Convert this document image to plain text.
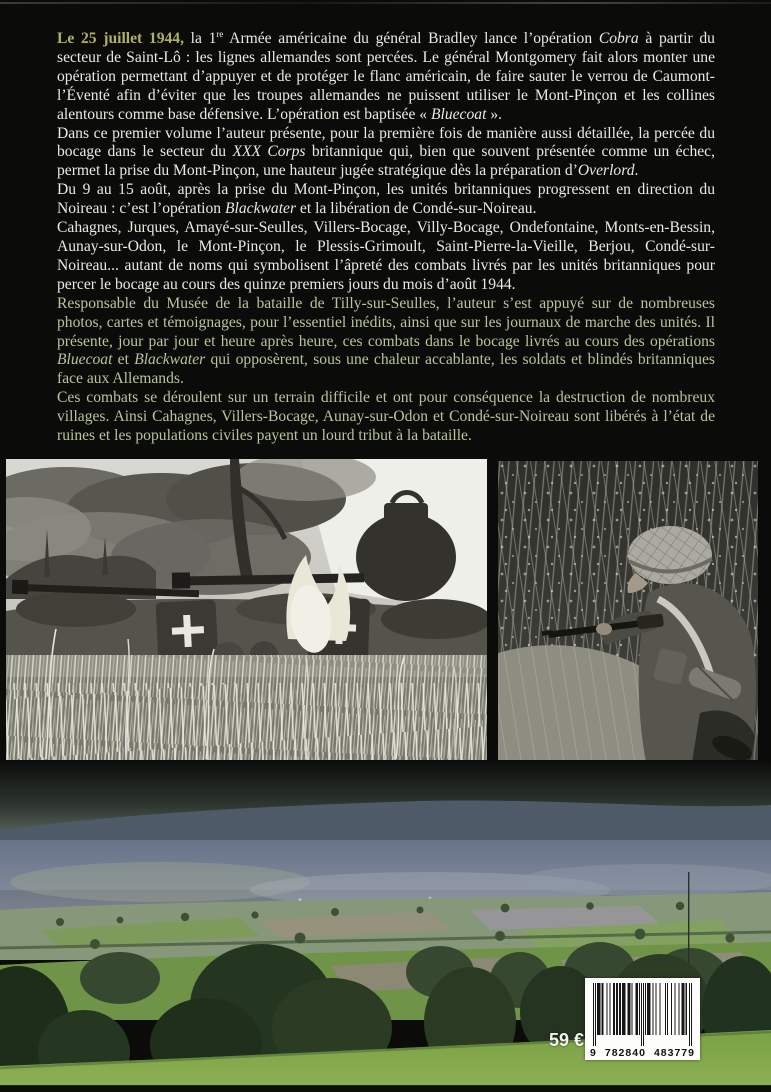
Le 25 juillet 1944, la 1re Armée américaine du général Bradley lance l’opération Cobra à partir du secteur de Saint-Lô : les lignes allemandes sont percées. Le général Montgomery fait alors monter une opération permettant d’appuyer et de protéger le flanc américain, de faire sauter le verrou de Caumont-l’Éventé afin d’éviter que les troupes allemandes ne puissent utiliser le Mont-Pinçon et les collines alentours comme base défensive. L’opération est baptisée « Bluecoat ».

Dans ce premier volume l’auteur présente, pour la première fois de manière aussi détaillée, la percée du bocage dans le secteur du XXX Corps britannique qui, bien que souvent présentée comme un échec, permet la prise du Mont-Pinçon, une hauteur jugée stratégique dès la préparation d’Overlord.

Du 9 au 15 août, après la prise du Mont-Pinçon, les unités britanniques progressent en direction du Noireau : c’est l’opération Blackwater et la libération de Condé-sur-Noireau.

Cahagnes, Jurques, Amayé-sur-Seulles, Villers-Bocage, Villy-Bocage, Ondefontaine, Monts-en-Bessin, Aunay-sur-Odon, le Mont-Pinçon, le Plessis-Grimoult, Saint-Pierre-la-Vieille, Berjou, Condé-sur-Noireau... autant de noms qui symbolisent l’âpreté des combats livrés par les unités britanniques pour percer le bocage au cours des quinze premiers jours du mois d’août 1944.

Responsable du Musée de la bataille de Tilly-sur-Seulles, l’auteur s’est appuyé sur de nombreuses photos, cartes et témoignages, pour l’essentiel inédits, ainsi que sur les journaux de marche des unités. Il présente, jour par jour et heure après heure, ces combats dans le bocage livrés au cours des opérations Bluecoat et Blackwater qui opposèrent, sous une chaleur accablante, les soldats et blindés britanniques face aux Allemands.

Ces combats se déroulent sur un terrain difficile et ont pour conséquence la destruction de nombreux villages. Ainsi Cahagnes, Villers-Bocage, Aunay-sur-Odon et Condé-sur-Noireau sont libérés à l’état de ruines et les populations civiles payent un lourd tribut à la bataille.

59 €
9 782840 483779
